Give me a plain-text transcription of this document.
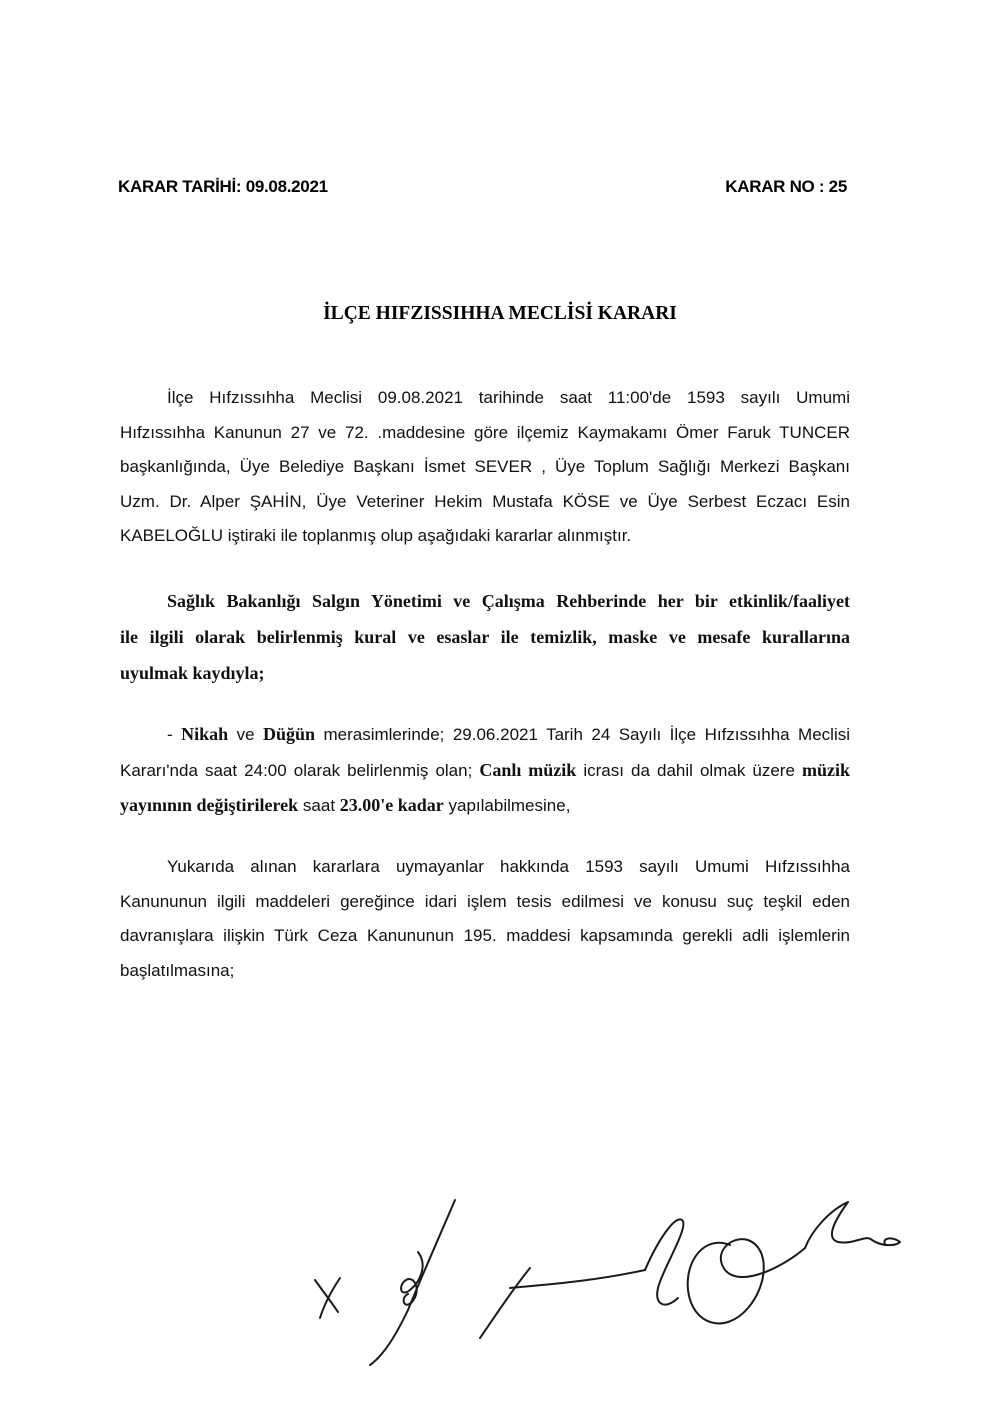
KARAR TARİHİ: 09.08.2021	KARAR NO : 25
İLÇE HIFZISSIHHA MECLİSİ KARARI
İlçe Hıfzıssıhha Meclisi 09.08.2021 tarihinde saat 11:00'de 1593 sayılı Umumi
Hıfzıssıhha Kanunun 27 ve 72. .maddesine göre ilçemiz Kaymakamı Ömer Faruk TUNCER
başkanlığında, Üye Belediye Başkanı İsmet SEVER , Üye Toplum Sağlığı Merkezi Başkanı
Uzm. Dr. Alper ŞAHİN, Üye Veteriner Hekim Mustafa KÖSE ve Üye Serbest Eczacı Esin
KABELOĞLU iştiraki ile toplanmış olup aşağıdaki kararlar alınmıştır.
Sağlık Bakanlığı Salgın Yönetimi ve Çalışma Rehberinde her bir etkinlik/faaliyet
ile ilgili olarak belirlenmiş kural ve esaslar ile temizlik, maske ve mesafe kurallarına
uyulmak kaydıyla;
- Nikah ve Düğün merasimlerinde; 29.06.2021 Tarih 24 Sayılı İlçe Hıfzıssıhha Meclisi
Kararı'nda saat 24:00 olarak belirlenmiş olan; Canlı müzik icrası da dahil olmak üzere müzik
yayınının değiştirilerek saat 23.00'e kadar yapılabilmesine,
Yukarıda alınan kararlara uymayanlar hakkında 1593 sayılı Umumi Hıfzıssıhha
Kanununun ilgili maddeleri gereğince idari işlem tesis edilmesi ve konusu suç teşkil eden
davranışlara ilişkin Türk Ceza Kanununun 195. maddesi kapsamında gerekli adli işlemlerin
başlatılmasına;
